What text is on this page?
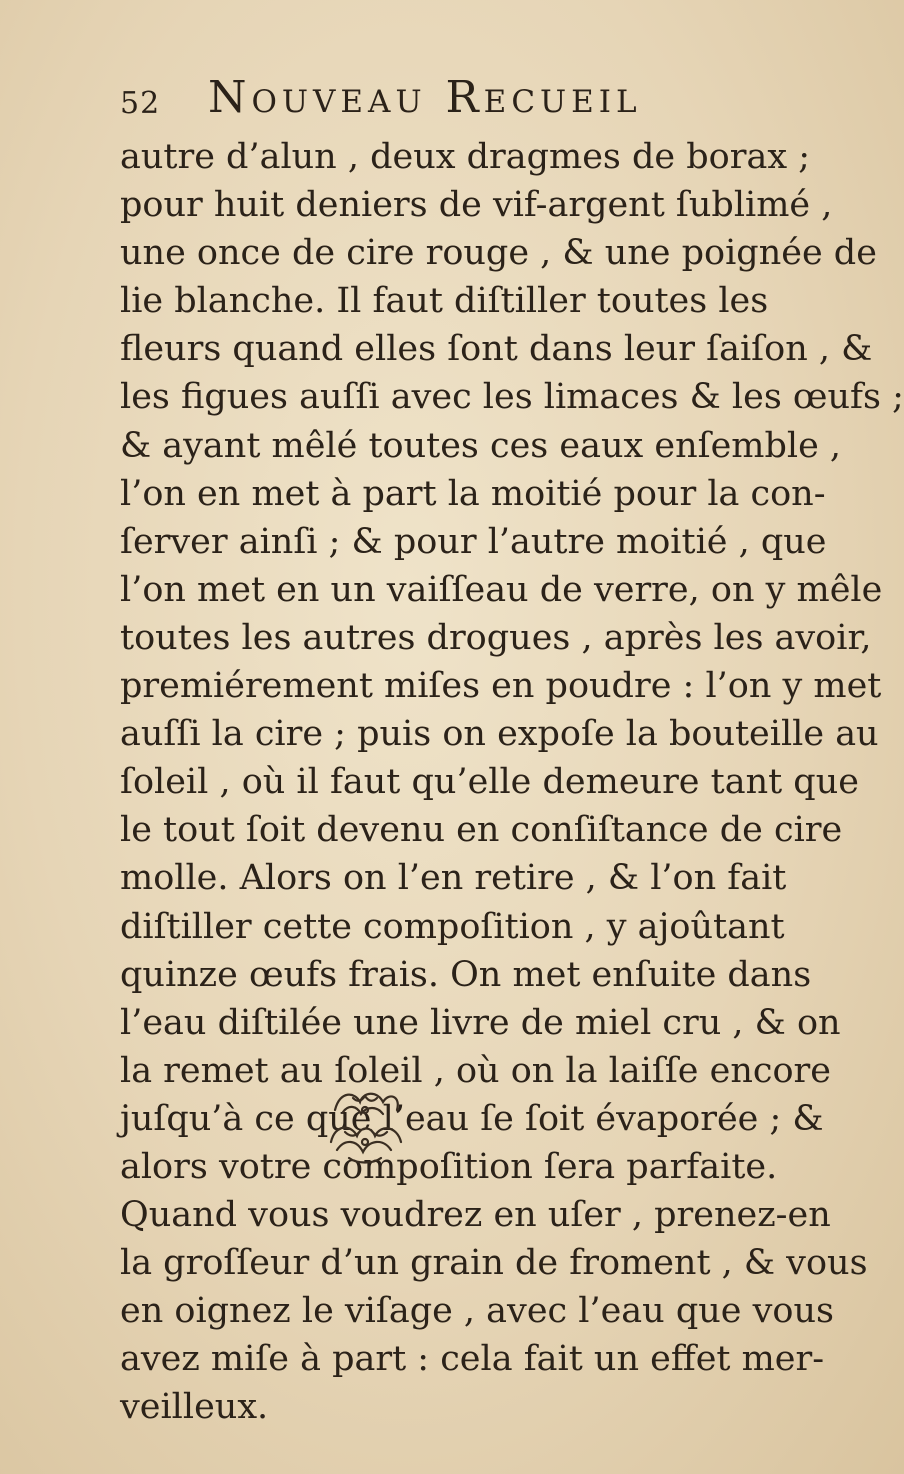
52 Nouveau Recueil
autre d’alun , deux dragmes de borax ;
pour huit deniers de vif-argent ſublimé ,
une once de cire rouge , & une poignée de
lie blanche. Il faut diſtiller toutes les
fleurs quand elles ſont dans leur ſaiſon , &
les figues auſſi avec les limaces & les œufs ;
& ayant mêlé toutes ces eaux enſemble ,
l’on en met à part la moitié pour la con-
ſerver ainſi ; & pour l’autre moitié , que
l’on met en un vaiſſeau de verre, on y mêle
toutes les autres drogues , après les avoir,
premiérement miſes en poudre : l’on y met
auſſi la cire ; puis on expoſe la bouteille au
ſoleil , où il faut qu’elle demeure tant que
le tout ſoit devenu en conſiſtance de cire
molle. Alors on l’en retire , & l’on fait
diſtiller cette compoſition , y ajoûtant
quinze œufs frais. On met enſuite dans
l’eau diſtilée une livre de miel cru , & on
la remet au ſoleil , où on la laiſſe encore
juſqu’à ce que l’eau ſe ſoit évaporée ; &
alors votre compoſition ſera parfaite.
Quand vous voudrez en uſer , prenez-en
la groſſeur d’un grain de froment , & vous
en oignez le viſage , avec l’eau que vous
avez miſe à part : cela fait un effet mer-
veilleux.
